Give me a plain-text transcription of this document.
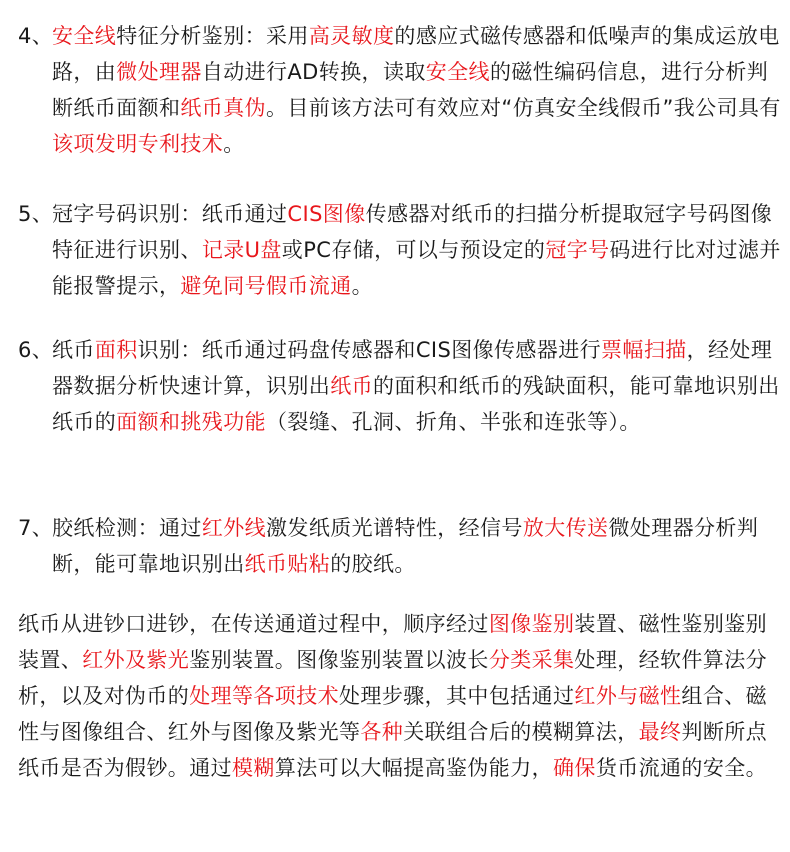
4、
安全线特征分析鉴别：采用高灵敏度的感应式磁传感器和低噪声的集成运放电路，由微处理器自动进行AD转换，读取安全线的磁性编码信息，进行分析判断纸币面额和纸币真伪。目前该方法可有效应对“仿真安全线假币”我公司具有该项发明专利技术。
5、
冠字号码识别：纸币通过CIS图像传感器对纸币的扫描分析提取冠字号码图像特征进行识别、记录U盘或PC存储，可以与预设定的冠字号码进行比对过滤并能报警提示，避免同号假币流通。
6、
纸币面积识别：纸币通过码盘传感器和CIS图像传感器进行票幅扫描，经处理器数据分析快速计算，识别出纸币的面积和纸币的残缺面积，能可靠地识别出纸币的面额和挑残功能（裂缝、孔洞、折角、半张和连张等）。
7、
胶纸检测：通过红外线激发纸质光谱特性，经信号放大传送微处理器分析判断，能可靠地识别出纸币贴粘的胶纸。
纸币从进钞口进钞，在传送通道过程中，顺序经过图像鉴别装置、磁性鉴别鉴别装置、红外及紫光鉴别装置。图像鉴别装置以波长分类采集处理，经软件算法分析，以及对伪币的处理等各项技术处理步骤，其中包括通过红外与磁性组合、磁性与图像组合、红外与图像及紫光等各种关联组合后的模糊算法，最终判断所点纸币是否为假钞。通过模糊算法可以大幅提高鉴伪能力，确保货币流通的安全。
